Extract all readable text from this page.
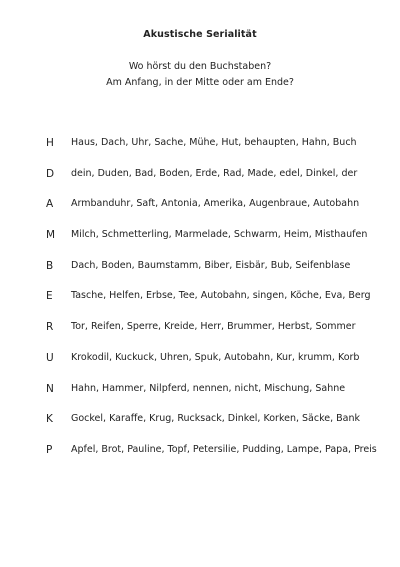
Akustische Serialität
Wo hörst du den Buchstaben?
Am Anfang, in der Mitte oder am Ende?
H	Haus, Dach, Uhr, Sache, Mühe, Hut, behaupten, Hahn, Buch
D	dein, Duden, Bad, Boden, Erde, Rad, Made, edel, Dinkel, der
A	Armbanduhr, Saft, Antonia, Amerika, Augenbraue, Autobahn
M	Milch, Schmetterling, Marmelade, Schwarm, Heim, Misthaufen
B	Dach, Boden, Baumstamm, Biber, Eisbär, Bub, Seifenblase
E	Tasche, Helfen, Erbse, Tee, Autobahn, singen, Köche, Eva, Berg
R	Tor, Reifen, Sperre, Kreide, Herr, Brummer, Herbst, Sommer
U	Krokodil, Kuckuck, Uhren, Spuk, Autobahn, Kur, krumm, Korb
N	Hahn, Hammer, Nilpferd, nennen, nicht, Mischung, Sahne
K	Gockel, Karaffe, Krug, Rucksack, Dinkel, Korken, Säcke, Bank
P	Apfel, Brot, Pauline, Topf, Petersilie, Pudding, Lampe, Papa, Preis
